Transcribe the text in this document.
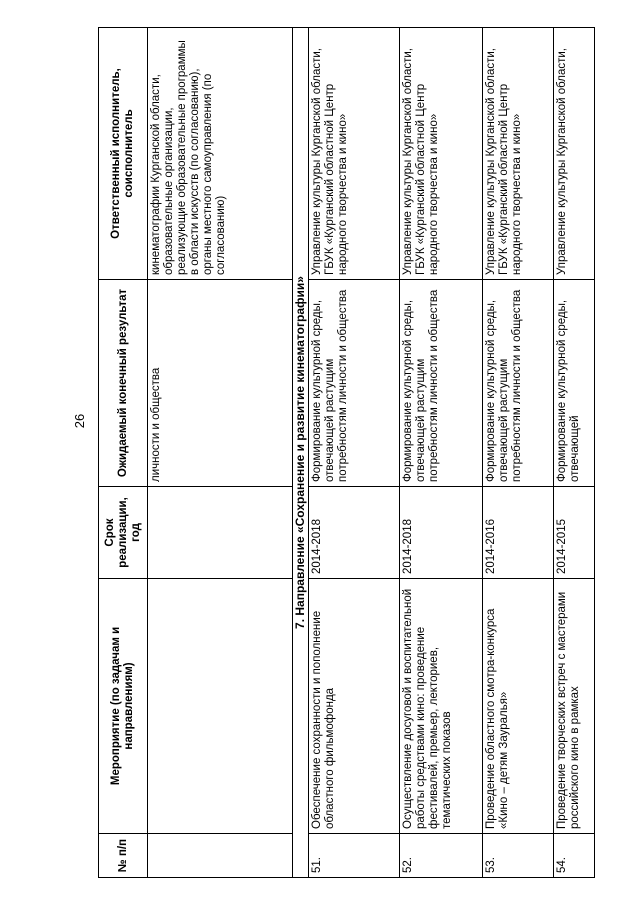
26
№ п/п	Мероприятие (по задачам и направлениям)	Срок реализации, год	Ожидаемый конечный результат	Ответственный исполнитель, соисполнитель
			личности и общества	кинематографии Курганской области, образовательные организации, реализующие образовательные программы в области искусств (по согласованию), органы местного самоуправления (по согласованию)
7. Направление «Сохранение и развитие кинематографии»				
51.	Обеспечение сохранности и пополнение областного фильмофонда	2014-2018	Формирование культурной среды, отвечающей растущим потребностям личности и общества	Управление культуры Курганской области, ГБУК «Курганский областной Центр народного творчества и кино»
52.	Осуществление досуговой и воспитательной работы средствами кино: проведение фестивалей, премьер, лекториев, тематических показов	2014-2018	Формирование культурной среды, отвечающей растущим потребностям личности и общества	Управление культуры Курганской области, ГБУК «Курганский областной Центр народного творчества и кино»
53.	Проведение областного смотра-конкурса «Кино – детям Зауралья»	2014-2016	Формирование культурной среды, отвечающей растущим потребностям личности и общества	Управление культуры Курганской области, ГБУК «Курганский областной Центр народного творчества и кино»
54.	Проведение творческих встреч с мастерами российского кино в рамках	2014-2015	Формирование культурной среды, отвечающей	Управление культуры Курганской области,
